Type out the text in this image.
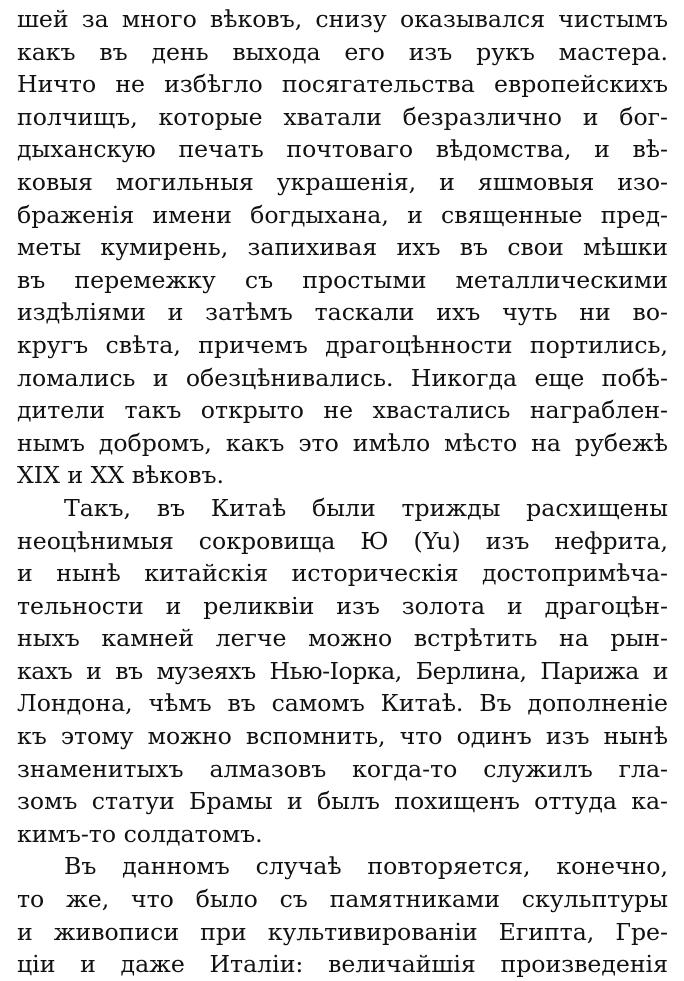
шей за много вѣковъ, снизу оказывался чистымъ
какъ въ день выхода его изъ рукъ мастера.
Ничто не избѣгло посягательства европейскихъ
полчищъ, которые хватали безразлично и бог-
дыханскую печать почтоваго вѣдомства, и вѣ-
ковыя могильныя украшенія, и яшмовыя изо-
браженія имени богдыхана, и священные пред-
меты кумирень, запихивая ихъ въ свои мѣшки
въ перемежку съ простыми металлическими
издѣліями и затѣмъ таскали ихъ чуть ни во-
кругъ свѣта, причемъ драгоцѣнности портились,
ломались и обезцѣнивались. Никогда еще побѣ-
дители такъ открыто не хвастались награблен-
нымъ добромъ, какъ это имѣло мѣсто на рубежѣ
XIX и XX вѣковъ.
Такъ, въ Китаѣ были трижды расхищены
неоцѣнимыя сокровища Ю (Yu) изъ нефрита,
и нынѣ китайскія историческія достопримѣча-
тельности и реликвіи изъ золота и драгоцѣн-
ныхъ камней легче можно встрѣтить на рын-
кахъ и въ музеяхъ Нью-Іорка, Берлина, Парижа и
Лондона, чѣмъ въ самомъ Китаѣ. Въ дополненіе
къ этому можно вспомнить, что одинъ изъ нынѣ
знаменитыхъ алмазовъ когда-то служилъ гла-
зомъ статуи Брамы и былъ похищенъ оттуда ка-
кимъ-то солдатомъ.
Въ данномъ случаѣ повторяется, конечно,
то же, что было съ памятниками скульптуры
и живописи при культивированіи Египта, Гре-
ціи и даже Италіи: величайшія произведенія
